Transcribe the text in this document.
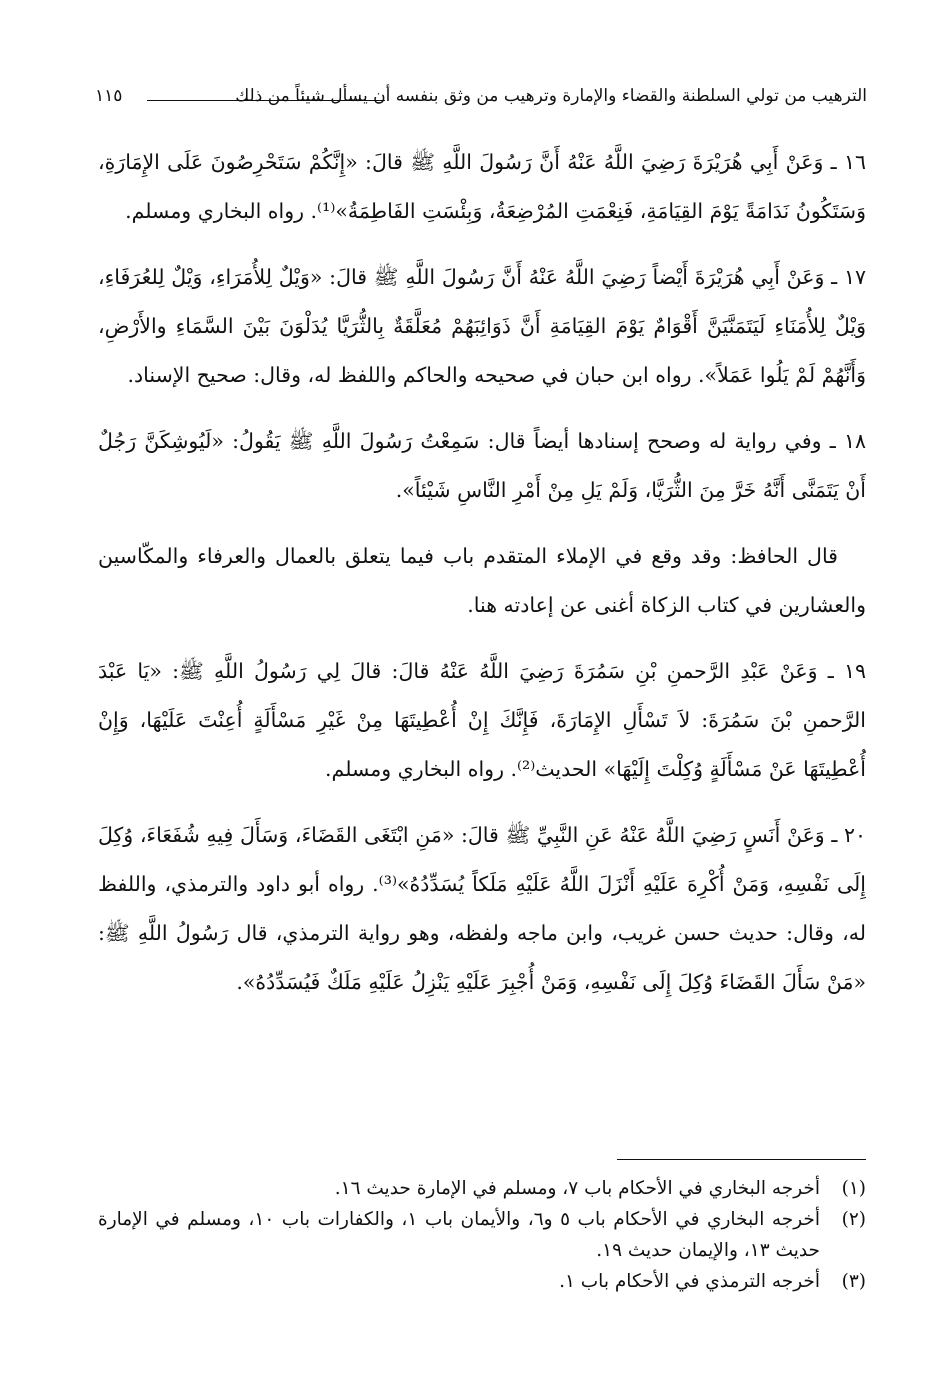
١١٥	الترهيب من تولي السلطنة والقضاء والإمارة وترهيب من وثق بنفسه أن يسأل شيئاً من ذلك

١٦ ـ وَعَنْ أَبِي هُرَيْرَةَ رَضِيَ اللَّهُ عَنْهُ أَنَّ رَسُولَ اللَّهِ ﷺ قالَ: «إِنَّكُمْ سَتَحْرِصُونَ عَلَى الإِمَارَةِ، وَسَتَكُونُ نَدَامَةً يَوْمَ القِيَامَةِ، فَنِعْمَتِ المُرْضِعَةُ، وَبِئْسَتِ الفَاطِمَةُ»⁽¹⁾. رواه البخاري ومسلم.

١٧ ـ وَعَنْ أَبِي هُرَيْرَةَ أَيْضاً رَضِيَ اللَّهُ عَنْهُ أَنَّ رَسُولَ اللَّهِ ﷺ قالَ: «وَيْلٌ لِلأُمَرَاءِ، وَيْلٌ لِلعُرَفَاءِ، وَيْلٌ لِلأُمَنَاءِ لَيَتَمَنَّيَنَّ أَقْوَامٌ يَوْمَ القِيَامَةِ أَنَّ ذَوَائِبَهُمْ مُعَلَّقَةٌ بِالثُّرَيَّا يُدَلْوَنَ بَيْنَ السَّمَاءِ والأَرْضِ، وَأَنَّهُمْ لَمْ يَلُوا عَمَلاً». رواه ابن حبان في صحيحه والحاكم واللفظ له، وقال: صحيح الإسناد.

١٨ ـ وفي رواية له وصحح إسنادها أيضاً قال: سَمِعْتُ رَسُولَ اللَّهِ ﷺ يَقُولُ: «لَيُوشِكَنَّ رَجُلٌ أَنْ يَتَمَنَّى أَنَّهُ خَرَّ مِنَ الثُّرَيَّا، وَلَمْ يَلِ مِنْ أَمْرِ النَّاسِ شَيْئاً».

قال الحافظ: وقد وقع في الإملاء المتقدم باب فيما يتعلق بالعمال والعرفاء والمكّاسين والعشارين في كتاب الزكاة أغنى عن إعادته هنا.

١٩ ـ وَعَنْ عَبْدِ الرَّحمنِ بْنِ سَمُرَةَ رَضِيَ اللَّهُ عَنْهُ قالَ: قالَ لِي رَسُولُ اللَّهِ ﷺ: «يَا عَبْدَ الرَّحمنِ بْنَ سَمُرَةَ: لاَ تَسْأَلِ الإِمَارَةَ، فَإِنَّكَ إِنْ أُعْطِيتَهَا مِنْ غَيْرِ مَسْأَلَةٍ أُعِنْتَ عَلَيْهَا، وَإِنْ أُعْطِيتَهَا عَنْ مَسْأَلَةٍ وُكِلْتَ إِلَيْهَا» الحديث⁽²⁾. رواه البخاري ومسلم.

٢٠ ـ وَعَنْ أَنَسٍ رَضِيَ اللَّهُ عَنْهُ عَنِ النَّبِيِّ ﷺ قالَ: «مَنِ ابْتَغَى القَضَاءَ، وَسَأَلَ فِيهِ شُفَعَاءَ، وُكِلَ إِلَى نَفْسِهِ، وَمَنْ أُكْرِهَ عَلَيْهِ أَنْزَلَ اللَّهُ عَلَيْهِ مَلَكاً يُسَدِّدُهُ»⁽³⁾. رواه أبو داود والترمذي، واللفظ له، وقال: حديث حسن غريب، وابن ماجه ولفظه، وهو رواية الترمذي، قال رَسُولُ اللَّهِ ﷺ: «مَنْ سَأَلَ القَضَاءَ وُكِلَ إِلَى نَفْسِهِ، وَمَنْ أُجْبِرَ عَلَيْهِ يَنْزِلُ عَلَيْهِ مَلَكٌ فَيُسَدِّدُهُ».

(١)
أخرجه البخاري في الأحكام باب ٧، ومسلم في الإمارة حديث ١٦.
(٢)
أخرجه البخاري في الأحكام باب ٥ و٦، والأيمان باب ١، والكفارات باب ١٠، ومسلم في الإمارة حديث ١٣، والإيمان حديث ١٩.
(٣)
أخرجه الترمذي في الأحكام باب ١.
